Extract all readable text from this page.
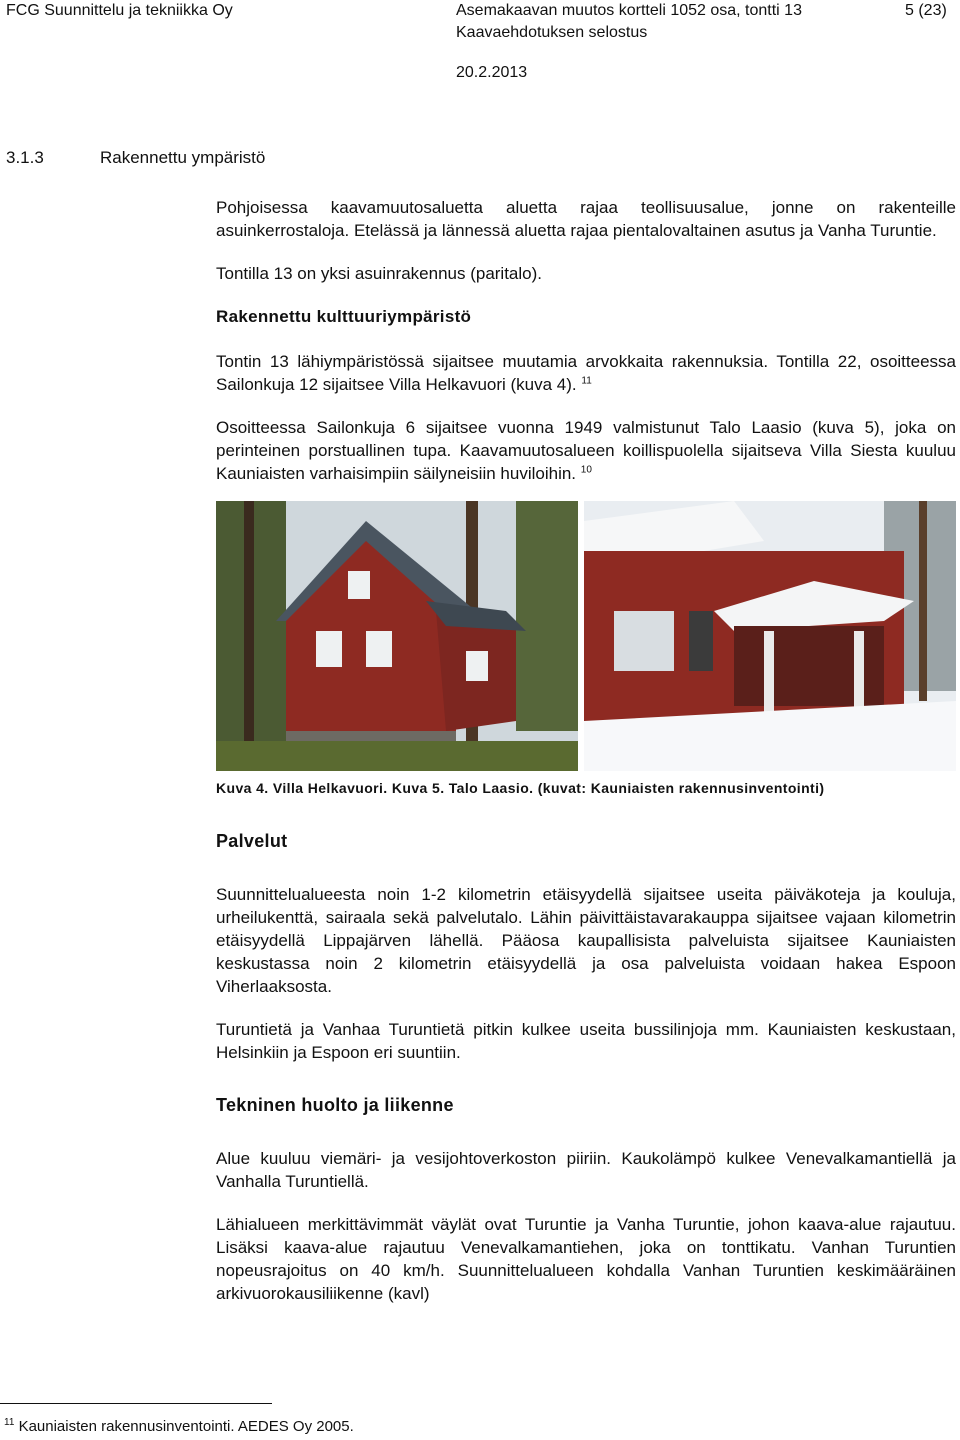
FCG Suunnittelu ja tekniikka Oy	Asemakaavan muutos kortteli 1052 osa, tontti 13
Kaavaehdotuksen selostus
5 (23)
20.2.2013
3.1.3	Rakennettu ympäristö

Pohjoisessa kaavamuutosaluetta aluetta rajaa teollisuusalue, jonne on rakenteille asuinkerrostaloja. Etelässä ja lännessä aluetta rajaa pientalovaltainen asutus ja Vanha Turuntie.

Tontilla 13 on yksi asuinrakennus (paritalo).

Rakennettu kulttuuriympäristö

Tontin 13 lähiympäristössä sijaitsee muutamia arvokkaita rakennuksia. Tontilla 22, osoitteessa Sailonkuja 12 sijaitsee Villa Helkavuori (kuva 4). $^{11}$

Osoitteessa Sailonkuja 6 sijaitsee vuonna 1949 valmistunut Talo Laasio (kuva 5), joka on perinteinen porstuallinen tupa. Kaavamuutosalueen koillispuolella sijaitseva Villa Siesta kuuluu Kauniaisten varhaisimpiin säilyneisiin huviloihin. $^{10}$

Kuva 4. Villa Helkavuori. Kuva 5. Talo Laasio. (kuvat: Kauniaisten rakennusinventointi)

Palvelut

Suunnittelualueesta noin 1-2 kilometrin etäisyydellä sijaitsee useita päiväkoteja ja kouluja, urheilukenttä, sairaala sekä palvelutalo. Lähin päivittäistavarakauppa sijaitsee vajaan kilometrin etäisyydellä Lippajärven lähellä. Pääosa kaupallisista palveluista sijaitsee Kauniaisten keskustassa noin 2 kilometrin etäisyydellä ja osa palveluista voidaan hakea Espoon Viherlaaksosta.

Turuntietä ja Vanhaa Turuntietä pitkin kulkee useita bussilinjoja mm. Kauniaisten keskustaan, Helsinkiin ja Espoon eri suuntiin.

Tekninen huolto ja liikenne

Alue kuuluu viemäri- ja vesijohtoverkoston piiriin. Kaukolämpö kulkee Venevalkamantiellä ja Vanhalla Turuntiellä.

Lähialueen merkittävimmät väylät ovat Turuntie ja Vanha Turuntie, johon kaava-alue rajautuu. Lisäksi kaava-alue rajautuu Venevalkamantiehen, joka on tonttikatu. Vanhan Turuntien nopeusrajoitus on 40 km/h. Suunnittelualueen kohdalla Vanhan Turuntien keskimääräinen arkivuorokausiliikenne (kavl)

$^{11}$ Kauniaisten rakennusinventointi. AEDES Oy 2005.
